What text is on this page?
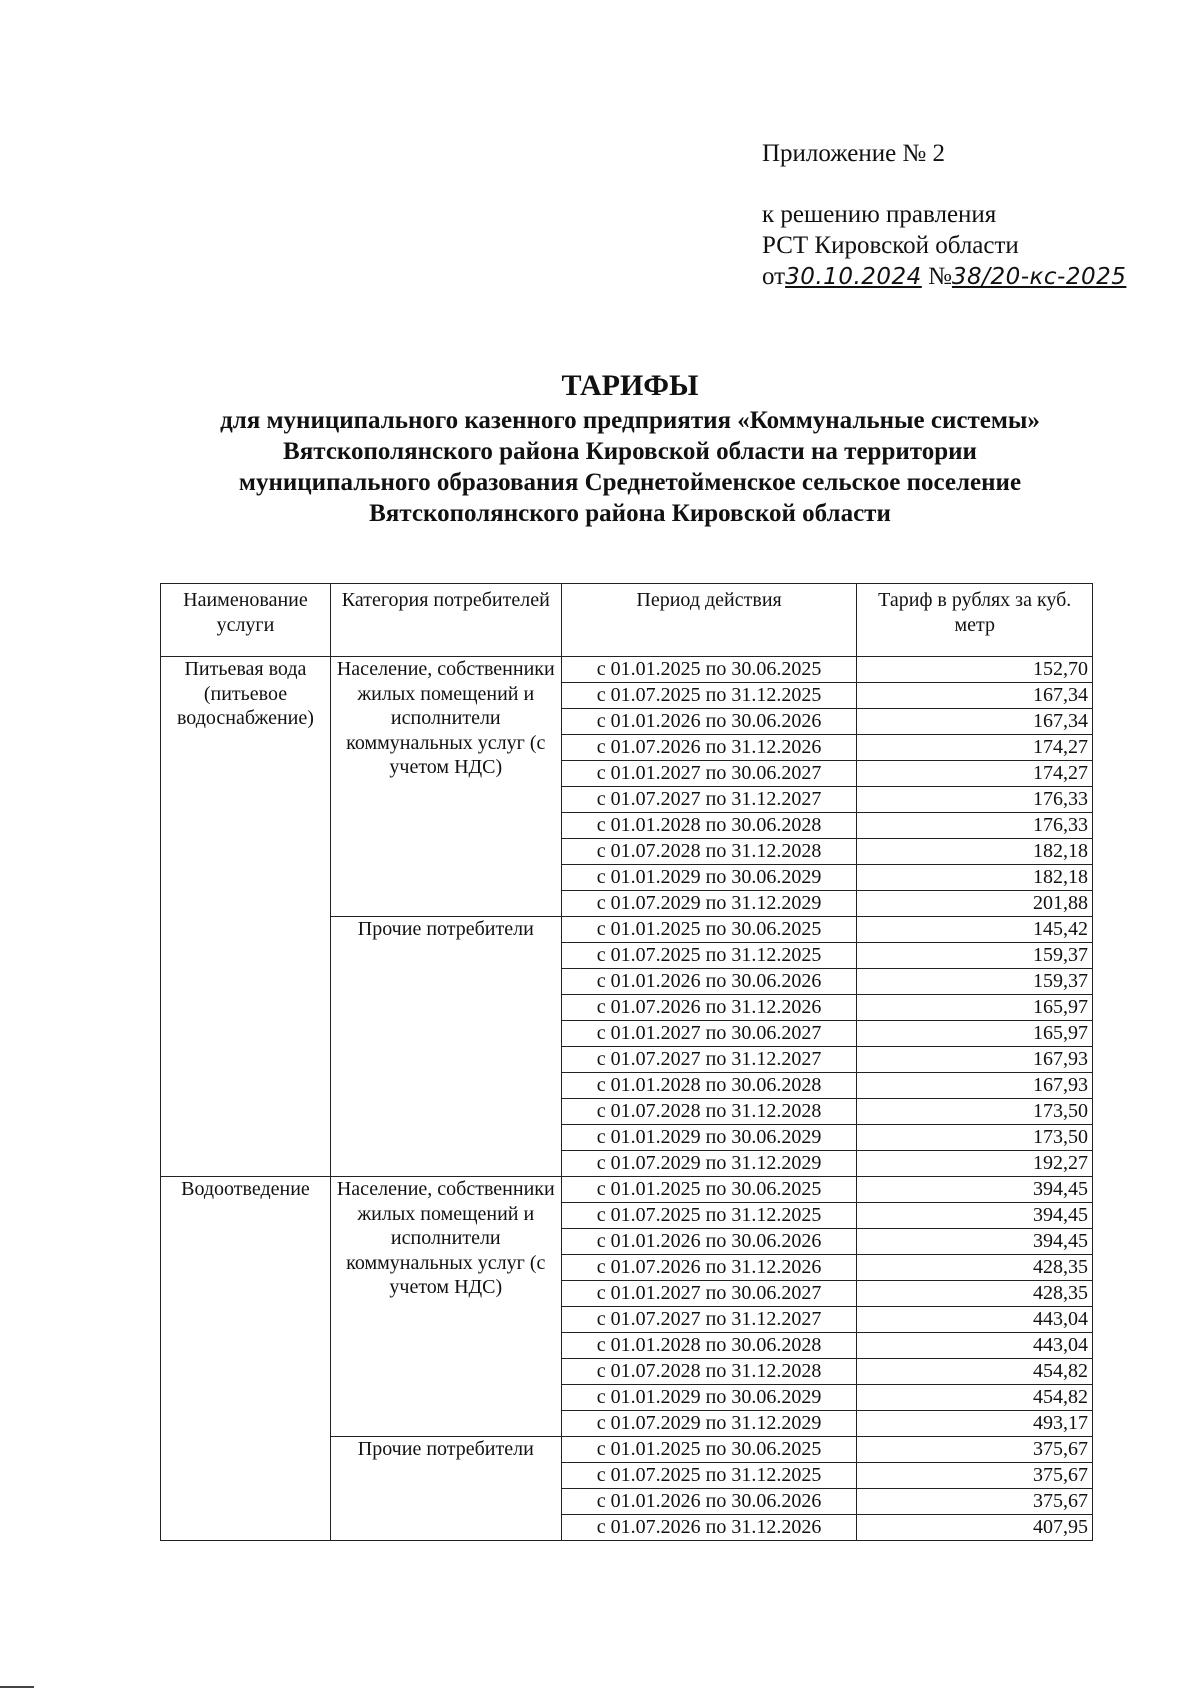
Приложение № 2
к решению правления
РСТ Кировской области
от30.10.2024 №38/20-кс-2025
ТАРИФЫ
для муниципального казенного предприятия «Коммунальные системы»
Вятскополянского района Кировской области на территории
муниципального образования Среднетойменское сельское поселение
Вятскополянского района Кировской области
Наименование услуги	Категория потребителей	Период действия	Тариф в рублях за куб. метр
Питьевая вода (питьевое водоснабжение)	Население, собственники жилых помещений и исполнители коммунальных услуг (с учетом НДС)	с 01.01.2025 по 30.06.2025	152,70
		с 01.07.2025 по 31.12.2025	167,34
		с 01.01.2026 по 30.06.2026	167,34
		с 01.07.2026 по 31.12.2026	174,27
		с 01.01.2027 по 30.06.2027	174,27
		с 01.07.2027 по 31.12.2027	176,33
		с 01.01.2028 по 30.06.2028	176,33
		с 01.07.2028 по 31.12.2028	182,18
		с 01.01.2029 по 30.06.2029	182,18
		с 01.07.2029 по 31.12.2029	201,88
	Прочие потребители	с 01.01.2025 по 30.06.2025	145,42
		с 01.07.2025 по 31.12.2025	159,37
		с 01.01.2026 по 30.06.2026	159,37
		с 01.07.2026 по 31.12.2026	165,97
		с 01.01.2027 по 30.06.2027	165,97
		с 01.07.2027 по 31.12.2027	167,93
		с 01.01.2028 по 30.06.2028	167,93
		с 01.07.2028 по 31.12.2028	173,50
		с 01.01.2029 по 30.06.2029	173,50
		с 01.07.2029 по 31.12.2029	192,27
Водоотведение	Население, собственники жилых помещений и исполнители коммунальных услуг (с учетом НДС)	с 01.01.2025 по 30.06.2025	394,45
		с 01.07.2025 по 31.12.2025	394,45
		с 01.01.2026 по 30.06.2026	394,45
		с 01.07.2026 по 31.12.2026	428,35
		с 01.01.2027 по 30.06.2027	428,35
		с 01.07.2027 по 31.12.2027	443,04
		с 01.01.2028 по 30.06.2028	443,04
		с 01.07.2028 по 31.12.2028	454,82
		с 01.01.2029 по 30.06.2029	454,82
		с 01.07.2029 по 31.12.2029	493,17
	Прочие потребители	с 01.01.2025 по 30.06.2025	375,67
		с 01.07.2025 по 31.12.2025	375,67
		с 01.01.2026 по 30.06.2026	375,67
		с 01.07.2026 по 31.12.2026	407,95
